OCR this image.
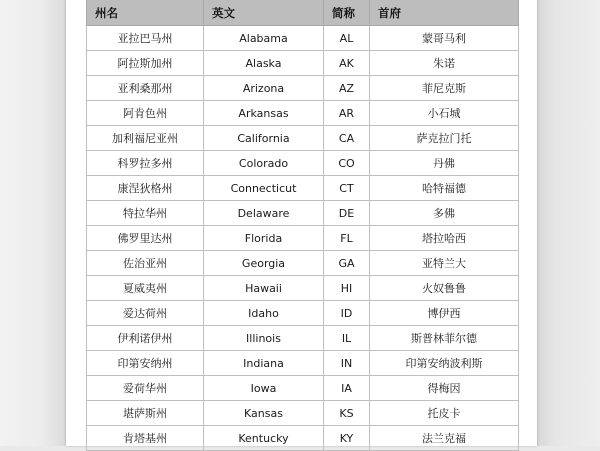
州名	英文	简称	首府
亚拉巴马州	Alabama	AL	蒙哥马利
阿拉斯加州	Alaska	AK	朱诺
亚利桑那州	Arizona	AZ	菲尼克斯
阿肯色州	Arkansas	AR	小石城
加利福尼亚州	California	CA	萨克拉门托
科罗拉多州	Colorado	CO	丹佛
康涅狄格州	Connecticut	CT	哈特福德
特拉华州	Delaware	DE	多佛
佛罗里达州	Florida	FL	塔拉哈西
佐治亚州	Georgia	GA	亚特兰大
夏威夷州	Hawaii	HI	火奴鲁鲁
爱达荷州	Idaho	ID	博伊西
伊利诺伊州	Illinois	IL	斯普林菲尔德
印第安纳州	Indiana	IN	印第安纳波利斯
爱荷华州	Iowa	IA	得梅因
堪萨斯州	Kansas	KS	托皮卡
肯塔基州	Kentucky	KY	法兰克福
